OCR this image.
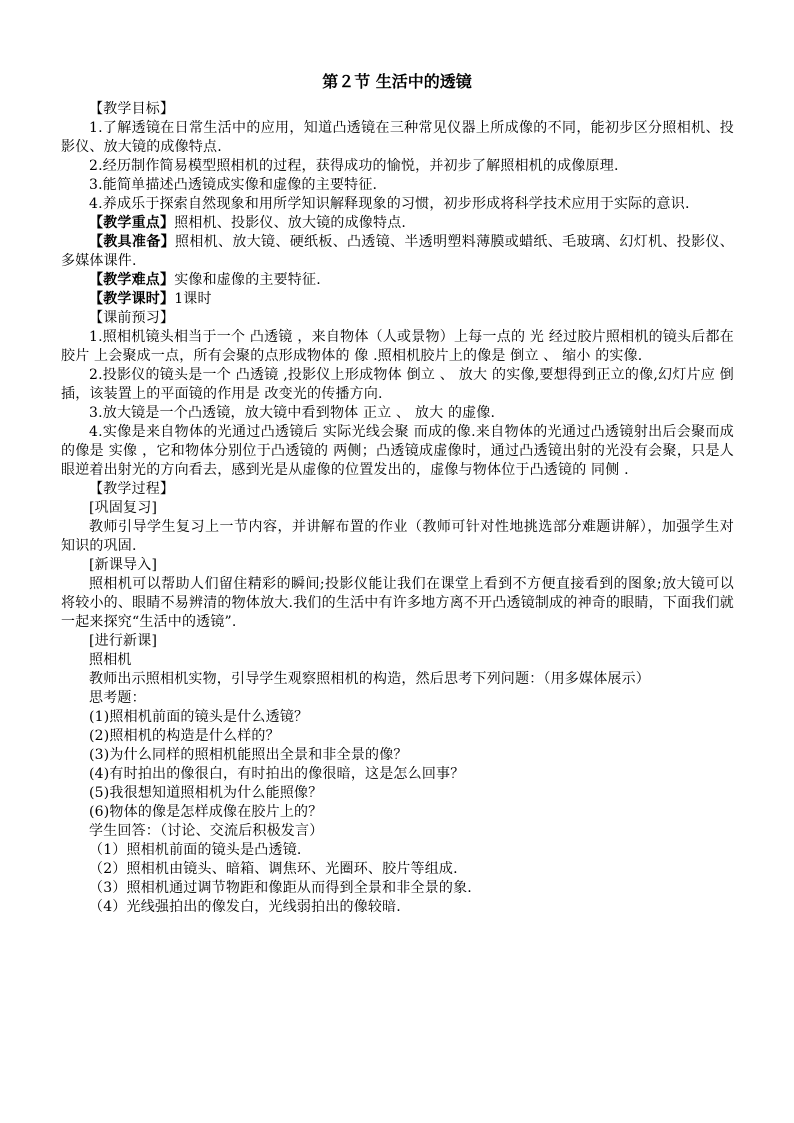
第２节 生活中的透镜

【教学目标】

1.了解透镜在日常生活中的应用，知道凸透镜在三种常见仪器上所成像的不同，能初步区分照相机、投影仪、放大镜的成像特点.

2.经历制作简易模型照相机的过程，获得成功的愉悦，并初步了解照相机的成像原理.

3.能简单描述凸透镜成实像和虚像的主要特征.

4.养成乐于探索自然现象和用所学知识解释现象的习惯，初步形成将科学技术应用于实际的意识.

【教学重点】照相机、投影仪、放大镜的成像特点.

【教具准备】照相机、放大镜、硬纸板、凸透镜、半透明塑料薄膜或蜡纸、毛玻璃、幻灯机、投影仪、多媒体课件.

【教学难点】实像和虚像的主要特征.

【教学课时】1课时

【课前预习】

1.照相机镜头相当于一个 凸透镜 ，来自物体（人或景物）上每一点的 光 经过胶片照相机的镜头后都在 胶片 上会聚成一点，所有会聚的点形成物体的 像 .照相机胶片上的像是 倒立 、 缩小 的实像.

2.投影仪的镜头是一个 凸透镜 ,投影仪上形成物体 倒立 、 放大 的实像,要想得到正立的像,幻灯片应 倒 插，该装置上的平面镜的作用是 改变光的传播方向.

3.放大镜是一个凸透镜，放大镜中看到物体 正立 、 放大 的虚像.

4.实像是来自物体的光通过凸透镜后 实际光线会聚 而成的像.来自物体的光通过凸透镜射出后会聚而成的像是 实像 ，它和物体分别位于凸透镜的 两侧；凸透镜成虚像时，通过凸透镜出射的光没有会聚，只是人眼逆着出射光的方向看去，感到光是从虚像的位置发出的，虚像与物体位于凸透镜的 同侧 .

【教学过程】

[巩固复习]

教师引导学生复习上一节内容，并讲解布置的作业（教师可针对性地挑选部分难题讲解），加强学生对知识的巩固.

[新课导入]

照相机可以帮助人们留住精彩的瞬间;投影仪能让我们在课堂上看到不方便直接看到的图象;放大镜可以将较小的、眼睛不易辨清的物体放大.我们的生活中有许多地方离不开凸透镜制成的神奇的眼睛，下面我们就一起来探究“生活中的透镜”.

[进行新课]

照相机

教师出示照相机实物，引导学生观察照相机的构造，然后思考下列问题：（用多媒体展示）

思考题：

(1)照相机前面的镜头是什么透镜？

(2)照相机的构造是什么样的？

(3)为什么同样的照相机能照出全景和非全景的像？

(4)有时拍出的像很白，有时拍出的像很暗，这是怎么回事？

(5)我很想知道照相机为什么能照像？

(6)物体的像是怎样成像在胶片上的？

学生回答：（讨论、交流后积极发言）

（1）照相机前面的镜头是凸透镜.

（2）照相机由镜头、暗箱、调焦环、光圈环、胶片等组成.

（3）照相机通过调节物距和像距从而得到全景和非全景的象.

（4）光线强拍出的像发白，光线弱拍出的像较暗.
